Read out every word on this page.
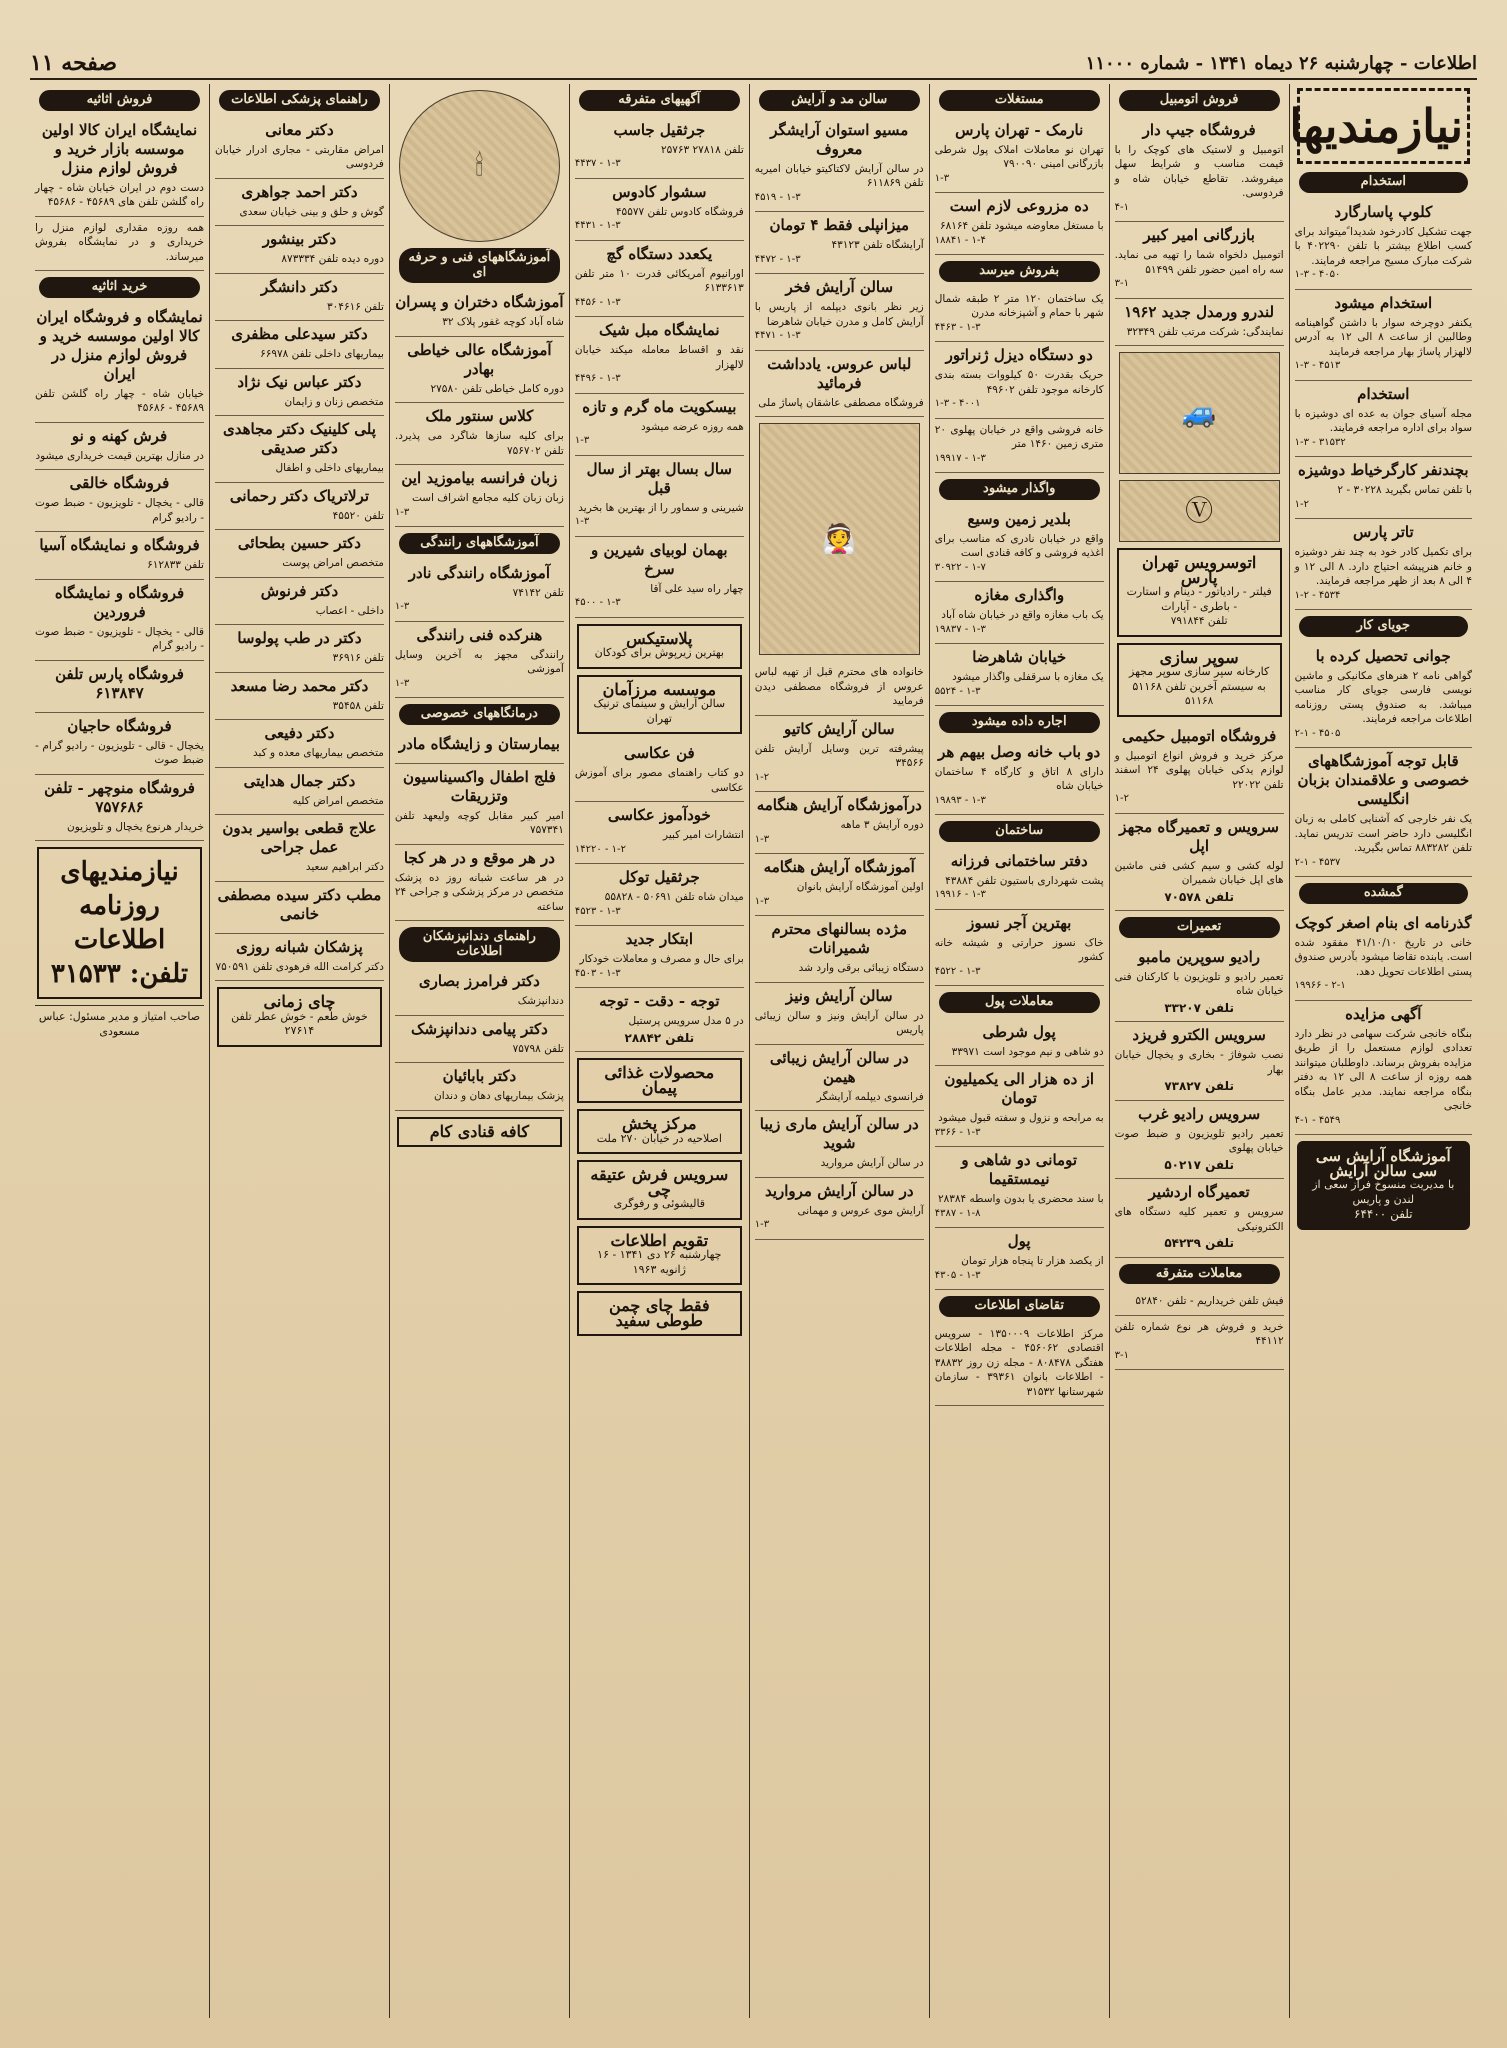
اطلاعات - چهارشنبه ۲۶ دیماه ۱۳۴۱ - شماره ۱۱۰۰۰
صفحه ۱۱
نیازمندیها
استخدام
کلوپ پاسارگارد

جهت تشکیل کادرخود شدیدا ًمیتواند برای کسب اطلاع بیشتر با تلفن ۴۰۲۲۹۰ با شرکت مبارک مسیح مراجعه فرمایند.

۱-۳ - ۴۰۵۰
استخدام میشود

یکنفر دوچرخه سوار با داشتن گواهینامه وطالبین از ساعت ۸ الی ۱۲ به آدرس لالهزار پاساژ بهار مراجعه فرمایند

۱-۳ - ۴۵۱۳
استخدام

مجله آسیای جوان به عده ای دوشیزه با سواد برای اداره مراجعه فرمایند.

۱-۳ - ۳۱۵۳۲
بچندنفر کارگرخیاط دوشیزه

با تلفن تماس بگیرید ۳۰۲۲۸ - ۲

۱-۲
تاتر پارس

برای تکمیل کادر خود به چند نفر دوشیزه و خانم هنرپیشه احتیاج دارد. ۸ الی ۱۲ و ۴ الی ۸ بعد از ظهر مراجعه فرمایند.

۱-۲ - ۴۵۳۴
جویای کار
جوانی تحصیل کرده با

گواهی نامه ۲ هنرهای مکانیکی و ماشین نویسی فارسی جویای کار مناسب میباشد. به صندوق پستی روزنامه اطلاعات مراجعه فرمایند.

۲-۱ - ۴۵۰۵
قابل توجه آموزشگاههای خصوصی و علاقمندان بزبان انگلیسی

یک نفر خارجی که آشنایی کاملی به زبان انگلیسی دارد حاضر است تدریس نماید. تلفن ۸۸۳۲۸۲ تماس بگیرید.

۲-۱ - ۴۵۳۷
گمشده
گذرنامه ای بنام اصغر کوچک

خانی در تاریخ ۴۱/۱۰/۱۰ مفقود شده است. یابنده تقاضا میشود بآدرس صندوق پستی اطلاعات تحویل دهد.

۱۹۹۶۶ - ۲-۱
آگهی مزایده

بنگاه خانجی شرکت سهامی در نظر دارد تعدادی لوازم مستعمل را از طریق مزایده بفروش برساند. داوطلبان میتوانند همه روزه از ساعت ۸ الی ۱۲ به دفتر بنگاه مراجعه نمایند. مدیر عامل بنگاه خانجی

۴-۱ - ۴۵۴۹
آموزشگاه آرایش سی سی سالن آرایش
با مدیریت منسوخ فراز سعی از لندن و پاریس
تلفن ۶۴۴۰۰
فروش اتومبیل
فروشگاه جیپ دار

اتومبیل و لاستیک های کوچک را با قیمت مناسب و شرایط سهل میفروشد. تقاطع خیابان شاه و فردوسی.

۴-۱
بازرگانی امیر کبیر

اتومبیل دلخواه شما را تهیه می نماید. سه راه امین حضور تلفن ۵۱۴۹۹

۳-۱
لندرو ورمدل جدید ۱۹۶۲

نمایندگی: شرکت مرتب تلفن ۳۲۳۴۹

🚙
Ⓥ
اتوسرویس تهران پارس
فیلتر - رادیاتور - دینام و استارت - باطری - آپارات
تلفن ۷۹۱۸۴۴
سوپر سازی
کارخانه سپر سازی سوپر مجهز به سیستم آخرین تلفن ۵۱۱۶۸
۵۱۱۶۸
فروشگاه اتومبیل حکیمی

مرکز خرید و فروش انواع اتومبیل و لوازم یدکی خیابان پهلوی ۲۴ اسفند تلفن ۲۲۰۲۲

۱-۲
سرویس و تعمیرگاه مجهز اپل

لوله کشی و سیم کشی فنی ماشین های اپل خیابان شمیران

تلفن ۷۰۵۷۸
تعمیرات
رادیو سوپرین مامبو

تعمیر رادیو و تلویزیون با کارکنان فنی خیابان شاه

تلفن ۳۳۲۰۷
سرویس الکترو فریزد

نصب شوفاژ - بخاری و یخچال خیابان بهار

تلفن ۷۳۸۲۷
سرویس رادیو غرب

تعمیر رادیو تلویزیون و ضبط صوت خیابان پهلوی

تلفن ۵۰۲۱۷
تعمیرگاه اردشیر

سرویس و تعمیر کلیه دستگاه های الکترونیکی

تلفن ۵۴۲۳۹
معاملات متفرقه

فیش تلفن خریداریم - تلفن ۵۲۸۴۰

خرید و فروش هر نوع شماره تلفن ۴۴۱۱۲

۳-۱
مستغلات
نارمک - تهران پارس

تهران نو معاملات املاک پول شرطی بازرگانی امینی ۷۹۰۰۹۰

۱-۳
ده مزروعی لازم است

با مستغل معاوضه میشود تلفن ۶۸۱۶۴

۱۸۸۴۱ - ۱-۴
بفروش میرسد

یک ساختمان ۱۲۰ متر ۲ طبقه شمال شهر با حمام و آشپزخانه مدرن

۴۴۶۳ - ۱-۳
دو دستگاه دیزل ژنراتور

حریک بقدرت ۵۰ کیلووات بسته بندی کارخانه موجود تلفن ۴۹۶۰۲

۱-۳ - ۴۰۰۱

خانه فروشی واقع در خیابان پهلوی ۲۰ متری زمین ۱۴۶۰ متر

۱۹۹۱۷ - ۱-۳
واگذار میشود
بلدیر زمین وسیع

واقع در خیابان نادری که مناسب برای اغذیه فروشی و کافه قنادی است

۳۰۹۲۲ - ۱-۷
واگذاری مغازه

یک باب مغازه واقع در خیابان شاه آباد

۱۹۸۳۷ - ۱-۳
خیابان شاهرضا

یک مغازه با سرقفلی واگذار میشود

۵۵۲۴ - ۱-۳
اجاره داده میشود
دو باب خانه وصل بیهم هر

دارای ۸ اتاق و کارگاه ۴ ساختمان خیابان شاه

۱۹۸۹۳ - ۱-۳
ساختمان
دفتر ساختمانی فرزانه

پشت شهرداری باستیون تلفن ۴۳۸۸۴

۱۹۹۱۶ - ۱-۳
بهترین آجر نسوز

خاک نسوز حرارتی و شیشه خانه کشور

۴۵۲۲ - ۱-۳
معاملات پول
پول شرطی

دو شاهی و نیم موجود است ۳۳۹۷۱

از ده هزار الی یکمیلیون تومان

به مرابحه و نزول و سفته قبول میشود

۳۳۶۶ - ۱-۳
تومانی دو شاهی و نیمستقیما

با سند محضری یا بدون واسطه ۲۸۳۸۴

۴۳۸۷ - ۱-۸
پول

از یکصد هزار تا پنجاه هزار تومان

۴۳۰۵ - ۱-۳
تقاضای اطلاعات

مرکز اطلاعات ۱۳۵۰۰۰۹ - سرویس اقتصادی ۴۵۶۰۶۲ - مجله اطلاعات هفتگی ۸۰۸۴۷۸ - مجله زن روز ۳۸۸۳۲ - اطلاعات بانوان ۳۹۳۶۱ - سازمان شهرستانها ۳۱۵۳۲

سالن مد و آرایش
مسیو استوان آرایشگر معروف

در سالن آرایش لاکتاکیتو خیابان امیریه تلفن ۶۱۱۸۶۹

۴۵۱۹ - ۱-۳
میزانپلی فقط ۴ تومان

آرایشگاه تلفن ۴۳۱۲۳

۴۴۷۲ - ۱-۳
سالن آرایش فخر

زیر نظر بانوی دیپلمه از پاریس با آرایش کامل و مدرن خیابان شاهرضا

۴۴۷۱ - ۱-۳
لباس عروس. یادداشت فرمائید

فروشگاه مصطفی عاشقان پاساژ ملی

👰

خانواده های محترم قبل از تهیه لباس عروس از فروشگاه مصطفی دیدن فرمایید

سالن آرایش کاتیو

پیشرفته ترین وسایل آرایش تلفن ۳۴۵۶۶

۱-۲
درآموزشگاه آرایش هنگامه

دوره آرایش ۳ ماهه

۱-۳
آموزشگاه آرایش هنگامه

اولین آموزشگاه آرایش بانوان

۱-۳
مژده بسالنهای محترم شمیرانات

دستگاه زیبائی برقی وارد شد

سالن آرایش ونیز

در سالن آرایش ونیز و سالن زیبائی پاریس

در سالن آرایش زیبائی هیمن

فرانسوی دیپلمه آرایشگر

در سالن آرایش ماری زیبا شوید

در سالن آرایش مروارید

در سالن آرایش مروارید

آرایش موی عروس و مهمانی

۱-۳
آگهیهای متفرقه
جرثقیل جاسب

تلفن ۲۷۸۱۸ ۲۵۷۶۳

۴۴۳۷ - ۱-۳
سشوار کادوس

فروشگاه کادوس تلفن ۴۵۵۷۷

۴۴۳۱ - ۱-۳
یکعدد دستگاه گچ

اورانیوم آمریکائی قدرت ۱۰ متر تلفن ۶۱۳۳۶۱۳

۴۴۵۶ - ۱-۳
نمایشگاه مبل شیک

نقد و اقساط معامله میکند خیابان لالهزار

۴۴۹۶ - ۱-۳
بیسکویت ماه گرم و تازه

همه روزه عرضه میشود

۱-۳
سال بسال بهتر از سال قبل

شیرینی و سماور را از بهترین ها بخرید

۱-۳
بهمان لوبیای شیرین و سرخ

چهار راه سید علی آقا

۴۵۰۰ - ۱-۳
پلاستیکس
بهترین زیرپوش برای کودکان
موسسه مرزآمان
سالن آرایش و سینمای ترنیک تهران
فن عکاسی

دو کتاب راهنمای مصور برای آموزش عکاسی

خودآموز عکاسی

انتشارات امیر کبیر

۱۴۲۲۰ - ۱-۲
جرثقیل توکل

میدان شاه تلفن ۵۰۶۹۱ - ۵۵۸۲۸

۴۵۲۳ - ۱-۳
ابتکار جدید

برای حال و مصرف و معاملات خودکار

۴۵۰۳ - ۱-۳
توجه - دقت - توجه

در ۵ مدل سرویس پرستیل

تلفن ۲۸۸۴۲
محصولات غذائی پیمان
مرکز پخش
اصلاحیه در خیابان ۲۷۰ ملت
سرویس فرش عتیقه چی
قالیشوئی و رفوگری
تقویم اطلاعات
چهارشنبه ۲۶ دی ۱۳۴۱ - ۱۶ ژانویه ۱۹۶۳
فقط چای چمن طوطی سفید
🕯
آموزشگاههای فنی و حرفه ای
آموزشگاه دختران و پسران

شاه آباد کوچه غفور پلاک ۳۲

آموزشگاه عالی خیاطی بهادر

دوره کامل خیاطی تلفن ۲۷۵۸۰

کلاس سنتور ملک

برای کلیه سازها شاگرد می پذیرد. تلفن ۷۵۶۷۰۲

زبان فرانسه بیاموزید این

زبان زبان کلیه مجامع اشراف است

۱-۳
آموزشگاههای رانندگی
آموزشگاه رانندگی نادر

تلفن ۷۴۱۴۲

۱-۳
هنرکده فنی رانندگی

رانندگی مجهز به آخرین وسایل آموزشی

۱-۳
درمانگاههای خصوصی
بیمارستان و زایشگاه مادر
فلج اطفال واکسیناسیون وتزریقات

امیر کبیر مقابل کوچه ولیعهد تلفن ۷۵۷۳۴۱

در هر موقع و در هر کجا

در هر ساعت شبانه روز ده پزشک متخصص در مرکز پزشکی و جراحی ۲۴ ساعته

راهنمای دندانپزشکان اطلاعات
دکتر فرامرز بصاری

دندانپزشک

دکتر پیامی دندانپزشک

تلفن ۷۵۷۹۸

دکتر بابائیان

پزشک بیماریهای دهان و دندان

کافه قنادی کام
راهنمای پزشکی اطلاعات
دکتر معانی

امراض مقاربتی - مجاری ادرار خیابان فردوسی

دکتر احمد جواهری

گوش و حلق و بینی خیابان سعدی

دکتر بینشور

دوره دیده تلفن ۸۷۳۳۳۴

دکتر دانشگر

تلفن ۳۰۴۶۱۶

دکتر سیدعلی مظفری

بیماریهای داخلی تلفن ۶۶۹۷۸

دکتر عباس نیک نژاد

متخصص زنان و زایمان

پلی کلینیک دکتر مجاهدی دکتر صدیقی

بیماریهای داخلی و اطفال

ترلاتریاک دکتر رحمانی

تلفن ۴۵۵۲۰

دکتر حسین بطحائی

متخصص امراض پوست

دکتر فرنوش

داخلی - اعصاب

دکتر در طب پولوسا

تلفن ۳۶۹۱۶

دکتر محمد رضا مسعد

تلفن ۳۵۴۵۸

دکتر دفیعی

متخصص بیماریهای معده و کبد

دکتر جمال هدایتی

متخصص امراض کلیه

علاج قطعی بواسیر بدون عمل جراحی

دکتر ابراهیم سعید

مطب دکتر سیده مصطفی خانمی
پزشکان شبانه روزی

دکتر کرامت الله فرهودی تلفن ۷۵۰۵۹۱

چای زمانی
خوش طعم - خوش عطر تلفن ۲۷۶۱۴
فروش اثاثیه
نمایشگاه ایران کالا اولین موسسه بازار خرید و فروش لوازم منزل

دست دوم در ایران خیابان شاه - چهار راه گلشن تلفن های ۴۵۶۸۹ - ۴۵۶۸۶

همه روزه مقداری لوازم منزل را خریداری و در نمایشگاه بفروش میرساند.

خرید اثاثیه
نمایشگاه و فروشگاه ایران کالا اولین موسسه خرید و فروش لوازم منزل در ایران

خیابان شاه - چهار راه گلشن تلفن ۴۵۶۸۹ - ۴۵۶۸۶

فرش کهنه و نو

در منازل بهترین قیمت خریداری میشود

فروشگاه خالقی

قالی - یخچال - تلویزیون - ضبط صوت - رادیو گرام

فروشگاه و نمایشگاه آسیا

تلفن ۶۱۲۸۳۳

فروشگاه و نمایشگاه فروردین

قالی - یخچال - تلویزیون - ضبط صوت - رادیو گرام

فروشگاه پارس تلفن ۶۱۳۸۴۷
فروشگاه حاجیان

یخچال - قالی - تلویزیون - رادیو گرام - ضبط صوت

فروشگاه منوچهر - تلفن ۷۵۷۶۸۶

خریدار هرنوع یخچال و تلویزیون

نیازمندیهای روزنامه اطلاعات
تلفن: ۳۱۵۳۳
صاحب امتیاز و مدیر مسئول: عباس مسعودی
